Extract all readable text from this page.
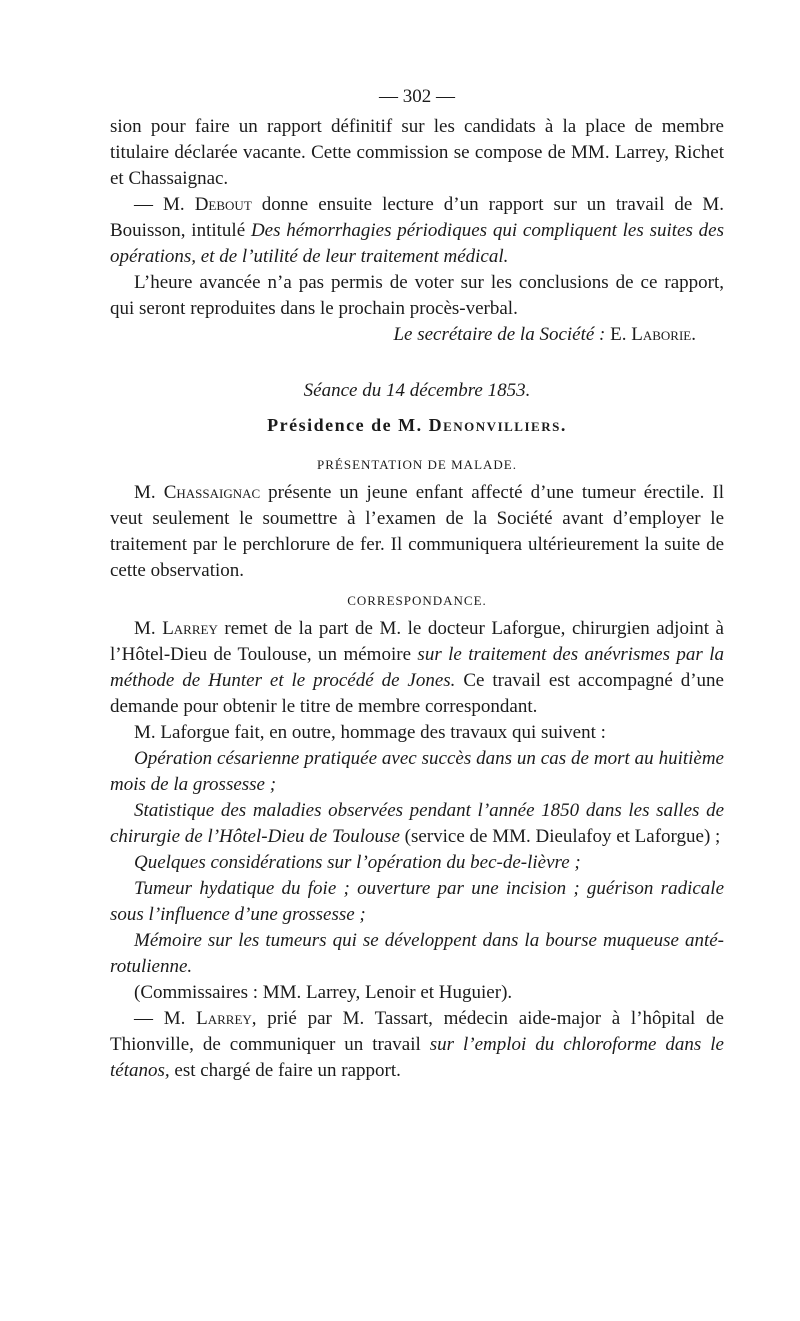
— 302 —

sion pour faire un rapport définitif sur les candidats à la place de membre titulaire déclarée vacante. Cette commission se compose de MM. Larrey, Richet et Chassaignac.

— M. Debout donne ensuite lecture d’un rapport sur un travail de M. Bouisson, intitulé Des hémorrhagies périodiques qui compliquent les suites des opérations, et de l’utilité de leur traitement médical.

L’heure avancée n’a pas permis de voter sur les conclusions de ce rapport, qui seront reproduites dans le prochain procès-verbal.

Le secrétaire de la Société : E. Laborie.

Séance du 14 décembre 1853.
Présidence de M. Denonvilliers.
PRÉSENTATION DE MALADE.

M. Chassaignac présente un jeune enfant affecté d’une tumeur érectile. Il veut seulement le soumettre à l’examen de la Société avant d’employer le traitement par le perchlorure de fer. Il communiquera ultérieurement la suite de cette observation.

CORRESPONDANCE.

M. Larrey remet de la part de M. le docteur Laforgue, chirurgien adjoint à l’Hôtel-Dieu de Toulouse, un mémoire sur le traitement des anévrismes par la méthode de Hunter et le procédé de Jones. Ce travail est accompagné d’une demande pour obtenir le titre de membre correspondant.

M. Laforgue fait, en outre, hommage des travaux qui suivent :

Opération césarienne pratiquée avec succès dans un cas de mort au huitième mois de la grossesse ;

Statistique des maladies observées pendant l’année 1850 dans les salles de chirurgie de l’Hôtel-Dieu de Toulouse (service de MM. Dieulafoy et Laforgue) ;

Quelques considérations sur l’opération du bec-de-lièvre ;

Tumeur hydatique du foie ; ouverture par une incision ; guérison radicale sous l’influence d’une grossesse ;

Mémoire sur les tumeurs qui se développent dans la bourse muqueuse anté-rotulienne.

(Commissaires : MM. Larrey, Lenoir et Huguier).

— M. Larrey, prié par M. Tassart, médecin aide-major à l’hôpital de Thionville, de communiquer un travail sur l’emploi du chloroforme dans le tétanos, est chargé de faire un rapport.
